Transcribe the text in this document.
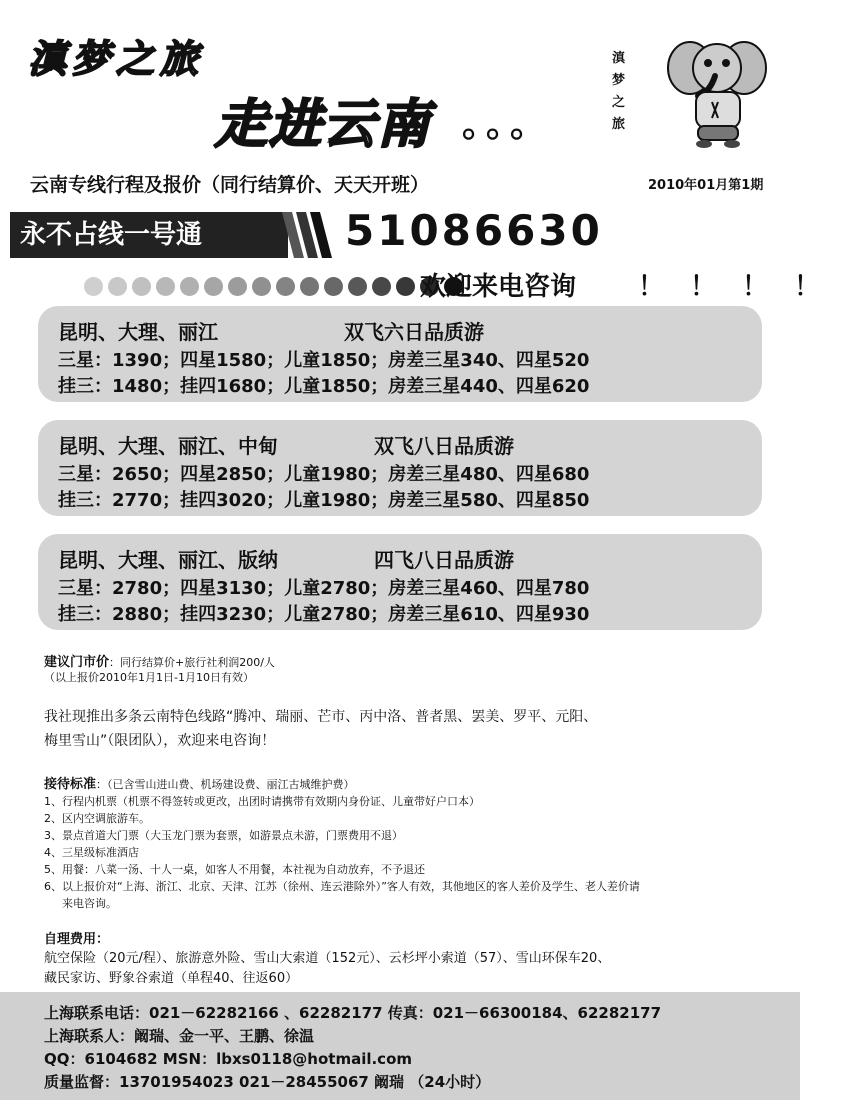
滇梦之旅
走进云南 。。。
滇梦之旅
云南专线行程及报价（同行结算价、天天开班）	2010年01月第1期
永不占线一号通	51086630
欢迎来电咨询 ！！！！
昆明、大理、丽江	双飞六日品质游
三星：1390；四星1580；儿童1850；房差三星340、四星520
挂三：1480；挂四1680；儿童1850；房差三星440、四星620
昆明、大理、丽江、中甸	双飞八日品质游
三星：2650；四星2850；儿童1980；房差三星480、四星680
挂三：2770；挂四3020；儿童1980；房差三星580、四星850
昆明、大理、丽江、版纳	四飞八日品质游
三星：2780；四星3130；儿童2780；房差三星460、四星780
挂三：2880；挂四3230；儿童2780；房差三星610、四星930
建议门市价：同行结算价+旅行社利润200/人
（以上报价2010年1月1日-1月10日有效）
我社现推出多条云南特色线路“腾冲、瑞丽、芒市、丙中洛、普者黑、罢美、罗平、元阳、
梅里雪山”（限团队），欢迎来电咨询！
接待标准：（已含雪山进山费、机场建设费、丽江古城维护费）
1、行程内机票（机票不得签转或更改，出团时请携带有效期内身份证、儿童带好户口本）
2、区内空调旅游车。
3、景点首道大门票（大玉龙门票为套票，如游景点未游，门票费用不退）
4、三星级标准酒店
5、用餐：八菜一汤、十人一桌，如客人不用餐，本社视为自动放弃，不予退还
6、以上报价对“上海、浙江、北京、天津、江苏（徐州、连云港除外）”客人有效，其他地区的客人差价及学生、老人差价请
来电咨询。
自理费用：
航空保险（20元/程）、旅游意外险、雪山大索道（152元）、云杉坪小索道（57）、雪山环保车20、
藏民家访、野象谷索道（单程40、往返60）
上海联系电话：021－62282166 、62282177 传真：021－66300184、62282177
上海联系人：阚瑞、金一平、王鹏、徐温
QQ：6104682 MSN：lbxs0118@hotmail.com
质量监督：13701954023 021－28455067 阚瑞 （24小时）
